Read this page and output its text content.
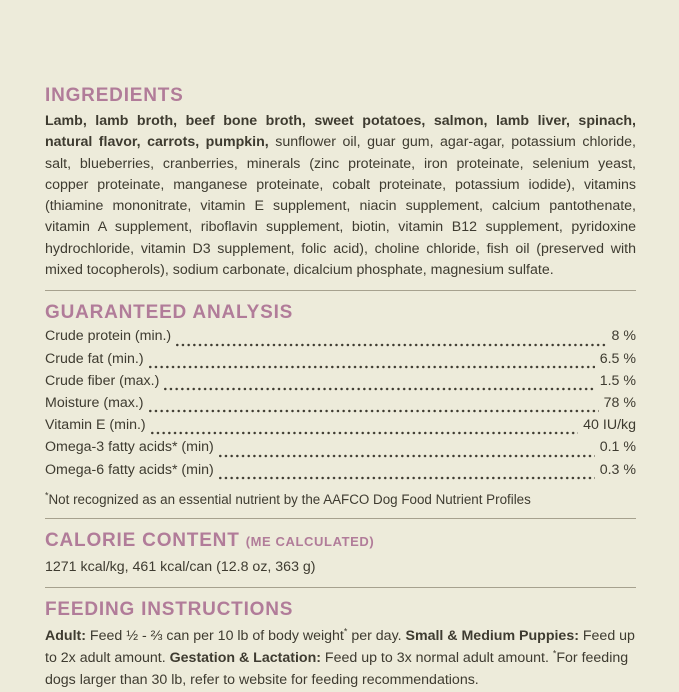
INGREDIENTS

Lamb, lamb broth, beef bone broth, sweet potatoes, salmon, lamb liver, spinach, natural flavor, carrots, pumpkin, sunflower oil, guar gum, agar-agar, potassium chloride, salt, blueberries, cranberries, minerals (zinc proteinate, iron proteinate, selenium yeast, copper proteinate, manganese proteinate, cobalt proteinate, potassium iodide), vitamins (thiamine mononitrate, vitamin E supplement, niacin supplement, calcium pantothenate, vitamin A supplement, riboflavin supplement, biotin, vitamin B12 supplement, pyridoxine hydrochloride, vitamin D3 supplement, folic acid), choline chloride, fish oil (preserved with mixed tocopherols), sodium carbonate, dicalcium phosphate, magnesium sulfate.

GUARANTEED ANALYSIS
Crude protein (min.)	8 %
Crude fat (min.)	6.5 %
Crude fiber (max.)	1.5 %
Moisture (max.)	78 %
Vitamin E (min.)	40 IU/kg
Omega-3 fatty acids* (min)	0.1 %
Omega-6 fatty acids* (min)	0.3 %

*Not recognized as an essential nutrient by the AAFCO Dog Food Nutrient Profiles

CALORIE CONTENT (ME CALCULATED)

1271 kcal/kg, 461 kcal/can (12.8 oz, 363 g)

FEEDING INSTRUCTIONS

Adult: Feed ½ - ⅔ can per 10 lb of body weight* per day. Small & Medium Puppies: Feed up to 2x adult amount. Gestation & Lactation: Feed up to 3x normal adult amount. *For feeding dogs larger than 30 lb, refer to website for feeding recommendations.
